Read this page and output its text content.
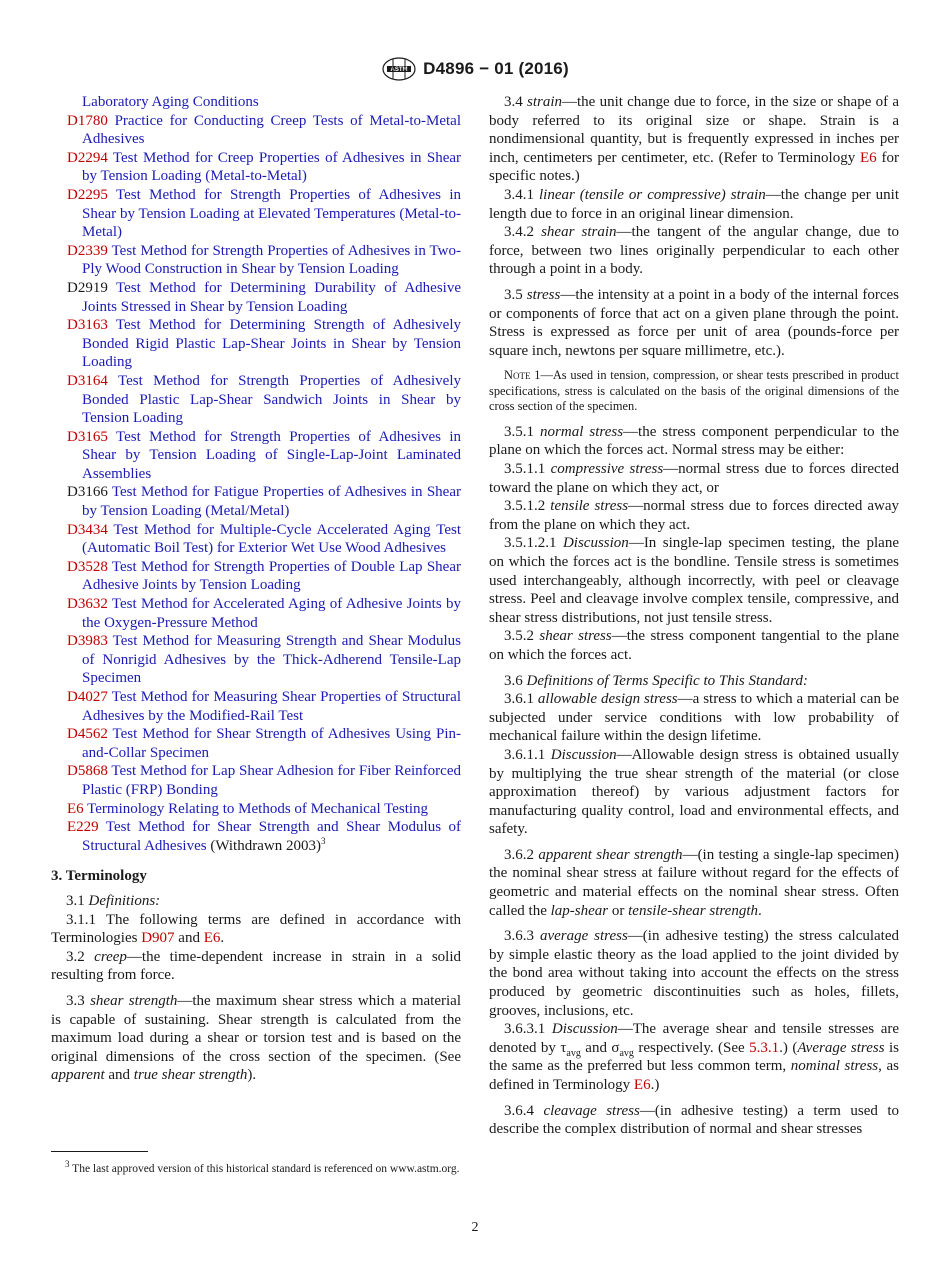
ASTM D4896 − 01 (2016)

Laboratory Aging Conditions

D1780 Practice for Conducting Creep Tests of Metal-to-Metal Adhesives

D2294 Test Method for Creep Properties of Adhesives in Shear by Tension Loading (Metal-to-Metal)

D2295 Test Method for Strength Properties of Adhesives in Shear by Tension Loading at Elevated Temperatures (Metal-to-Metal)

D2339 Test Method for Strength Properties of Adhesives in Two-Ply Wood Construction in Shear by Tension Loading

D2919 Test Method for Determining Durability of Adhesive Joints Stressed in Shear by Tension Loading

D3163 Test Method for Determining Strength of Adhesively Bonded Rigid Plastic Lap-Shear Joints in Shear by Tension Loading

D3164 Test Method for Strength Properties of Adhesively Bonded Plastic Lap-Shear Sandwich Joints in Shear by Tension Loading

D3165 Test Method for Strength Properties of Adhesives in Shear by Tension Loading of Single-Lap-Joint Laminated Assemblies

D3166 Test Method for Fatigue Properties of Adhesives in Shear by Tension Loading (Metal/Metal)

D3434 Test Method for Multiple-Cycle Accelerated Aging Test (Automatic Boil Test) for Exterior Wet Use Wood Adhesives

D3528 Test Method for Strength Properties of Double Lap Shear Adhesive Joints by Tension Loading

D3632 Test Method for Accelerated Aging of Adhesive Joints by the Oxygen-Pressure Method

D3983 Test Method for Measuring Strength and Shear Modulus of Nonrigid Adhesives by the Thick-Adherend Tensile-Lap Specimen

D4027 Test Method for Measuring Shear Properties of Structural Adhesives by the Modified-Rail Test

D4562 Test Method for Shear Strength of Adhesives Using Pin-and-Collar Specimen

D5868 Test Method for Lap Shear Adhesion for Fiber Reinforced Plastic (FRP) Bonding

E6 Terminology Relating to Methods of Mechanical Testing

E229 Test Method for Shear Strength and Shear Modulus of Structural Adhesives (Withdrawn 2003)$^3$

3. Terminology

3.1 Definitions:

3.1.1 The following terms are defined in accordance with Terminologies D907 and E6.

3.2 creep—the time-dependent increase in strain in a solid resulting from force.

3.3 shear strength—the maximum shear stress which a material is capable of sustaining. Shear strength is calculated from the maximum load during a shear or torsion test and is based on the original dimensions of the cross section of the specimen. (See apparent and true shear strength).

$^3$ The last approved version of this historical standard is referenced on www.astm.org.

3.4 strain—the unit change due to force, in the size or shape of a body referred to its original size or shape. Strain is a nondimensional quantity, but is frequently expressed in inches per inch, centimeters per centimeter, etc. (Refer to Terminology E6 for specific notes.)

3.4.1 linear (tensile or compressive) strain—the change per unit length due to force in an original linear dimension.

3.4.2 shear strain—the tangent of the angular change, due to force, between two lines originally perpendicular to each other through a point in a body.

3.5 stress—the intensity at a point in a body of the internal forces or components of force that act on a given plane through the point. Stress is expressed as force per unit of area (pounds-force per square inch, newtons per square millimetre, etc.).

Note 1—As used in tension, compression, or shear tests prescribed in product specifications, stress is calculated on the basis of the original dimensions of the cross section of the specimen.

3.5.1 normal stress—the stress component perpendicular to the plane on which the forces act. Normal stress may be either:

3.5.1.1 compressive stress—normal stress due to forces directed toward the plane on which they act, or

3.5.1.2 tensile stress—normal stress due to forces directed away from the plane on which they act.

3.5.1.2.1 Discussion—In single-lap specimen testing, the plane on which the forces act is the bondline. Tensile stress is sometimes used interchangeably, although incorrectly, with peel or cleavage stress. Peel and cleavage involve complex tensile, compressive, and shear stress distributions, not just tensile stress.

3.5.2 shear stress—the stress component tangential to the plane on which the forces act.

3.6 Definitions of Terms Specific to This Standard:

3.6.1 allowable design stress—a stress to which a material can be subjected under service conditions with low probability of mechanical failure within the design lifetime.

3.6.1.1 Discussion—Allowable design stress is obtained usually by multiplying the true shear strength of the material (or close approximation thereof) by various adjustment factors for manufacturing quality control, load and environmental effects, and safety.

3.6.2 apparent shear strength—(in testing a single-lap specimen) the nominal shear stress at failure without regard for the effects of geometric and material effects on the nominal shear stress. Often called the lap-shear or tensile-shear strength.

3.6.3 average stress—(in adhesive testing) the stress calculated by simple elastic theory as the load applied to the joint divided by the bond area without taking into account the effects on the stress produced by geometric discontinuities such as holes, fillets, grooves, inclusions, etc.

3.6.3.1 Discussion—The average shear and tensile stresses are denoted by $\tau_{avg}$ and $\sigma_{avg}$ respectively. (See 5.3.1.) (Average stress is the same as the preferred but less common term, nominal stress, as defined in Terminology E6.)

3.6.4 cleavage stress—(in adhesive testing) a term used to describe the complex distribution of normal and shear stresses

2
